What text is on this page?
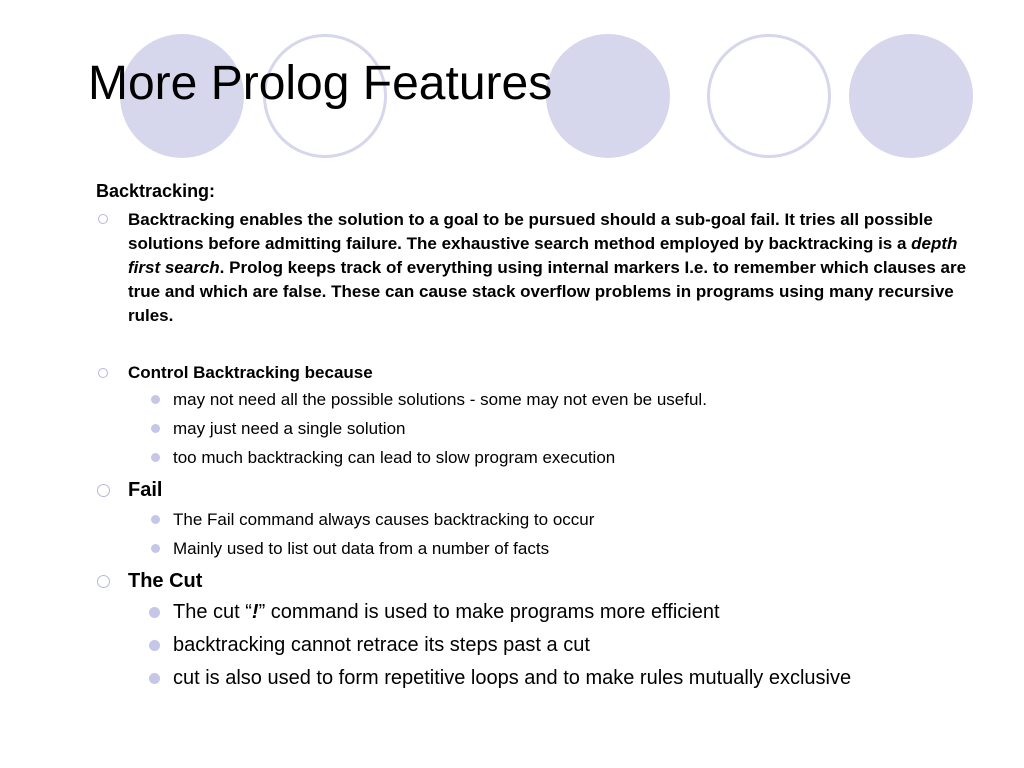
More Prolog Features
Backtracking:
Backtracking enables the solution to a goal to be pursued should a sub-goal fail. It tries all possible solutions before admitting failure. The exhaustive search method employed by backtracking is a depth first search. Prolog keeps track of everything using internal markers I.e. to remember which clauses are true and which are false. These can cause stack overflow problems in programs using many recursive rules.
Control Backtracking because
may not need all the possible solutions - some may not even be useful.
may just need a single solution
too much backtracking can lead to slow program execution
Fail
The Fail command always causes backtracking to occur
Mainly used to list out data from a number of facts
The Cut
The cut “!” command is used to make programs more efficient
backtracking cannot retrace its steps past a cut
cut is also used to form repetitive loops and to make rules mutually exclusive
